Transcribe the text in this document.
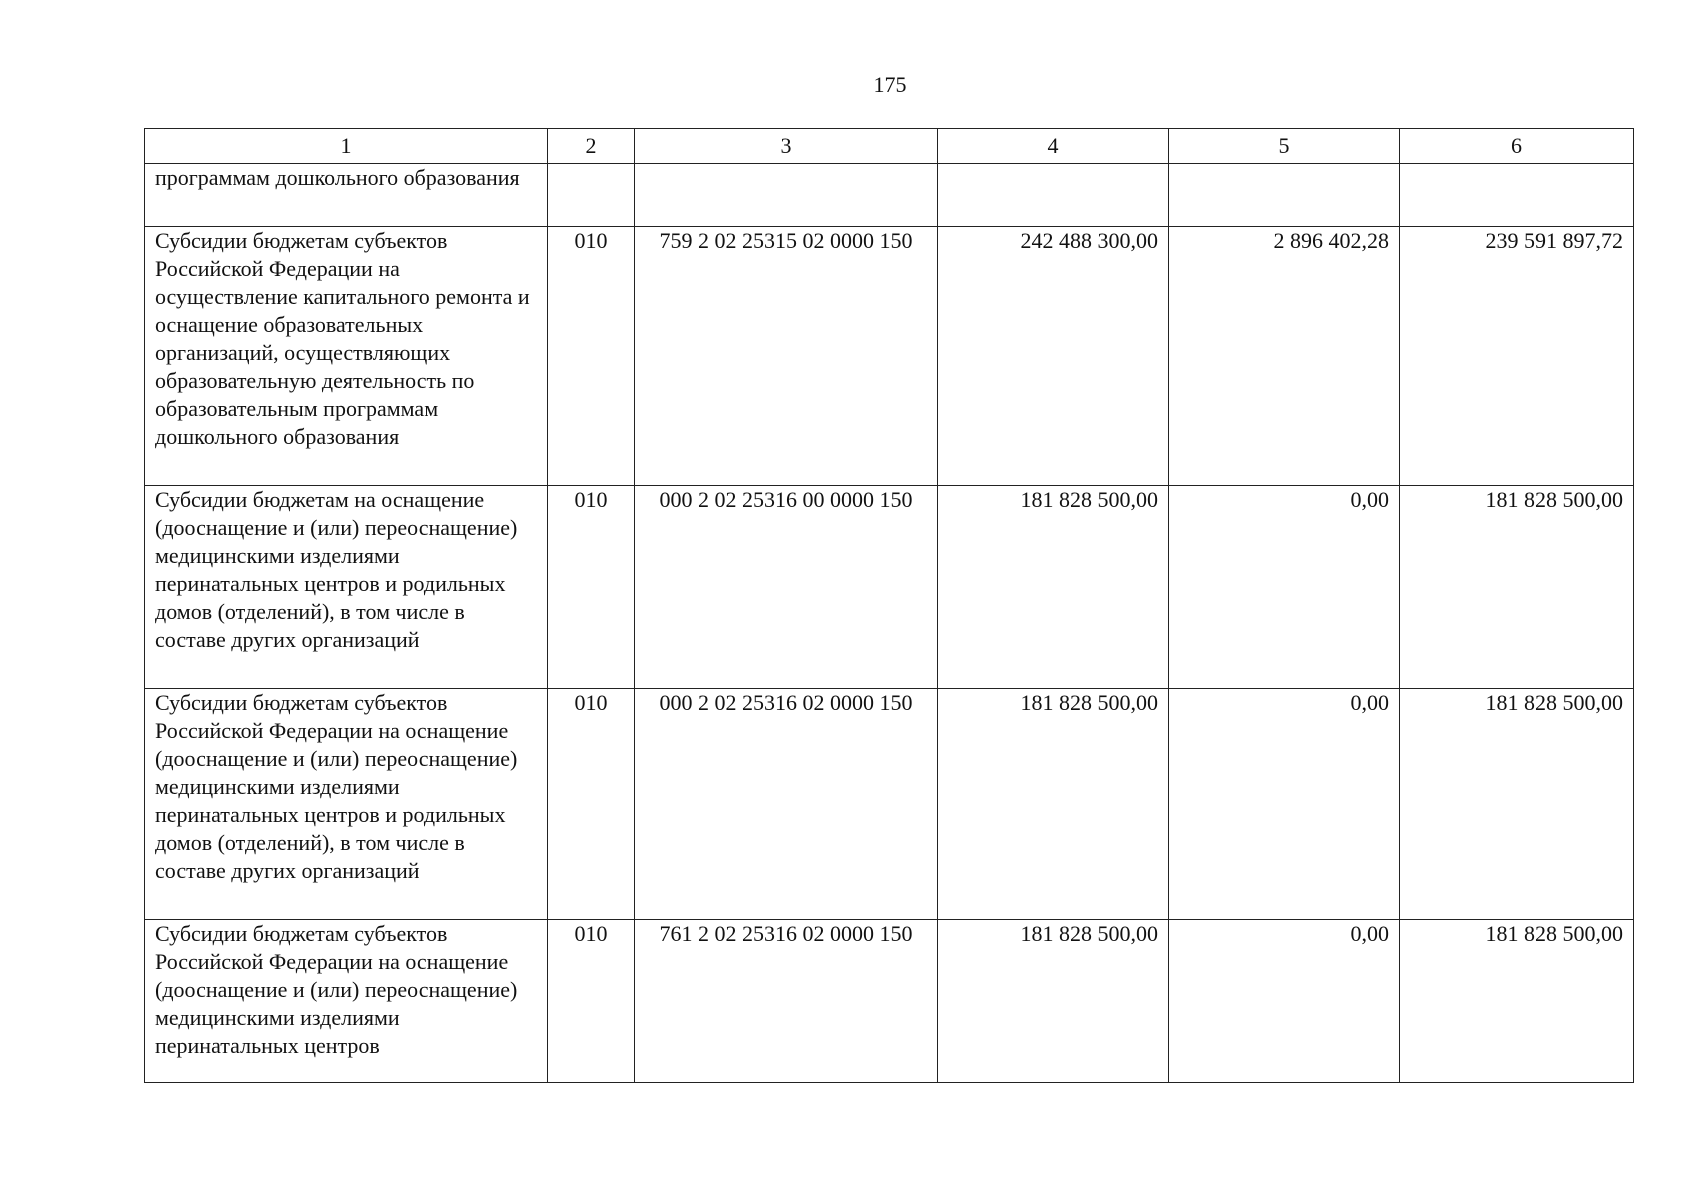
175
1	2	3	4	5	6
программам дошкольного образования					
Субсидии бюджетам субъектов Российской Федерации на осуществление капитального ремонта и оснащение образовательных организаций, осуществляющих образовательную деятельность по образовательным программам дошкольного образования	010	759 2 02 25315 02 0000 150	242 488 300,00	2 896 402,28	239 591 897,72
Субсидии бюджетам на оснащение (дооснащение и (или) переоснащение) медицинскими изделиями перинатальных центров и родильных домов (отделений), в том числе в составе других организаций	010	000 2 02 25316 00 0000 150	181 828 500,00	0,00	181 828 500,00
Субсидии бюджетам субъектов Российской Федерации на оснащение (дооснащение и (или) переоснащение) медицинскими изделиями перинатальных центров и родильных домов (отделений), в том числе в составе других организаций	010	000 2 02 25316 02 0000 150	181 828 500,00	0,00	181 828 500,00
Субсидии бюджетам субъектов Российской Федерации на оснащение (дооснащение и (или) переоснащение) медицинскими изделиями перинатальных центров	010	761 2 02 25316 02 0000 150	181 828 500,00	0,00	181 828 500,00
